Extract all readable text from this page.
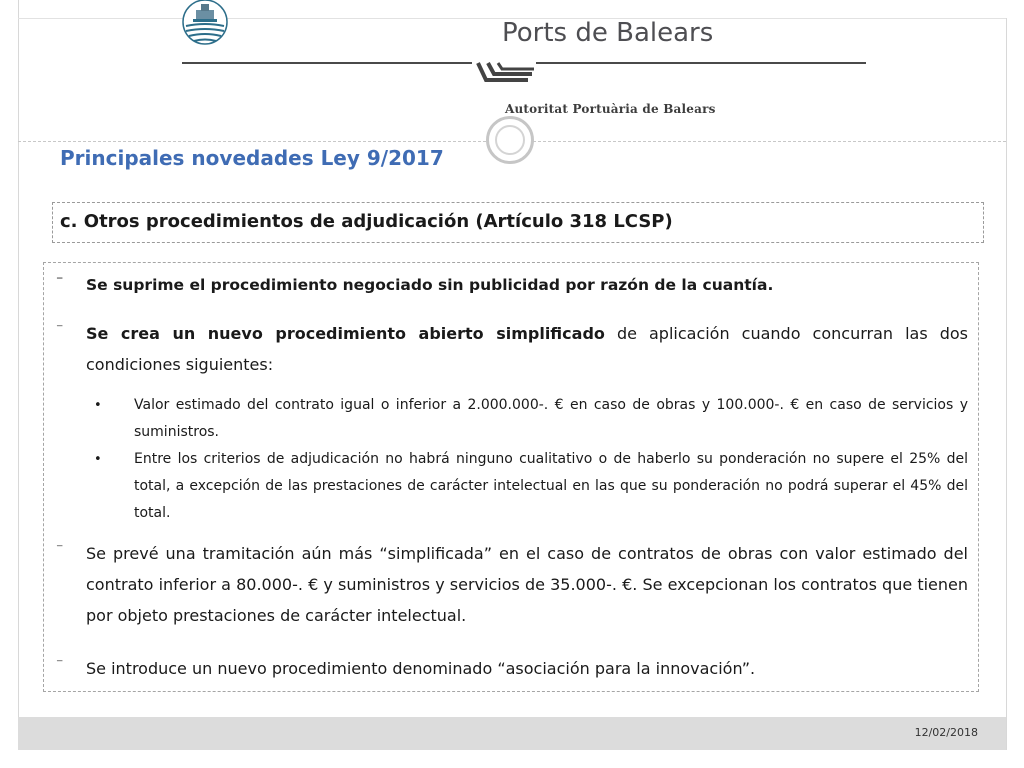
Ports de Balears
Autoritat Portuària de Balears
Principales novedades Ley 9/2017
c. Otros procedimientos de adjudicación (Artículo 318 LCSP)
⁻ Se suprime el procedimiento negociado sin publicidad por razón de la cuantía.
⁻ Se crea un nuevo procedimiento abierto simplificado de aplicación cuando concurran las dos condiciones siguientes:
• Valor estimado del contrato igual o inferior a 2.000.000-. € en caso de obras y 100.000-. € en caso de servicios y suministros.
• Entre los criterios de adjudicación no habrá ninguno cualitativo o de haberlo su ponderación no supere el 25% del total, a excepción de las prestaciones de carácter intelectual en las que su ponderación no podrá superar el 45% del total.
⁻ Se prevé una tramitación aún más “simplificada” en el caso de contratos de obras con valor estimado del contrato inferior a 80.000-. € y suministros y servicios de 35.000-. €. Se excepcionan los contratos que tienen por objeto prestaciones de carácter intelectual.
⁻ Se introduce un nuevo procedimiento denominado “asociación para la innovación”.
12/02/2018
